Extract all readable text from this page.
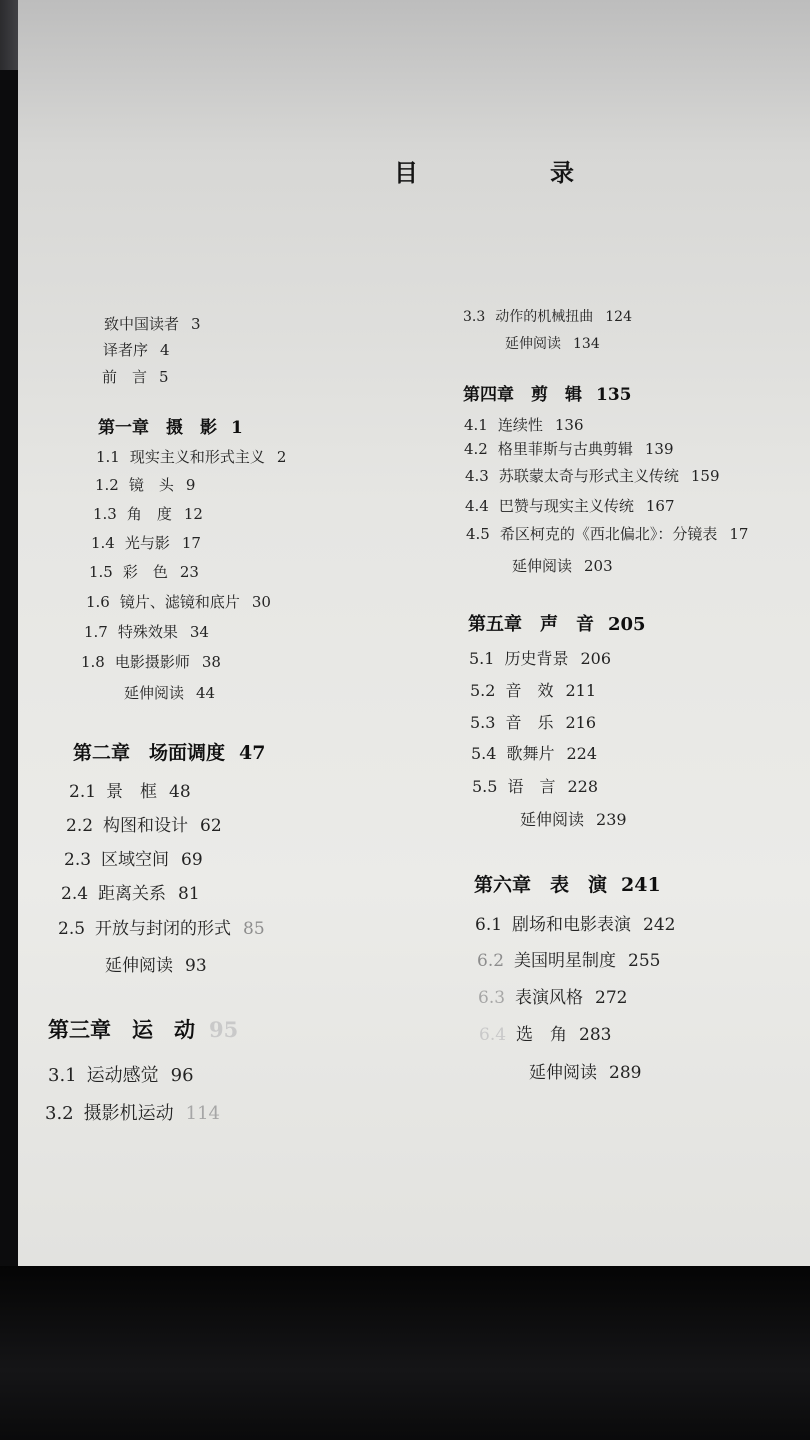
目　录
致中国读者 3
译者序 4
前　言 5
第一章　摄　影 1
1.1 现实主义和形式主义 2
1.2 镜　头 9
1.3 角　度 12
1.4 光与影 17
1.5 彩　色 23
1.6 镜片、滤镜和底片 30
1.7 特殊效果 34
1.8 电影摄影师 38
延伸阅读 44
第二章　场面调度 47
2.1 景　框 48
2.2 构图和设计 62
2.3 区域空间 69
2.4 距离关系 81
2.5 开放与封闭的形式 85
延伸阅读 93
第三章　运　动 95
3.1 运动感觉 96
3.2 摄影机运动 114
3.3 动作的机械扭曲 124
延伸阅读 134
第四章　剪　辑 135
4.1 连续性 136
4.2 格里菲斯与古典剪辑 139
4.3 苏联蒙太奇与形式主义传统 159
4.4 巴赞与现实主义传统 167
4.5 希区柯克的《西北偏北》：分镜表 17
延伸阅读 203
第五章　声　音 205
5.1 历史背景 206
5.2 音　效 211
5.3 音　乐 216
5.4 歌舞片 224
5.5 语　言 228
延伸阅读 239
第六章　表　演 241
6.1 剧场和电影表演 242
6.2 美国明星制度 255
6.3 表演风格 272
6.4 选　角 283
延伸阅读 289
